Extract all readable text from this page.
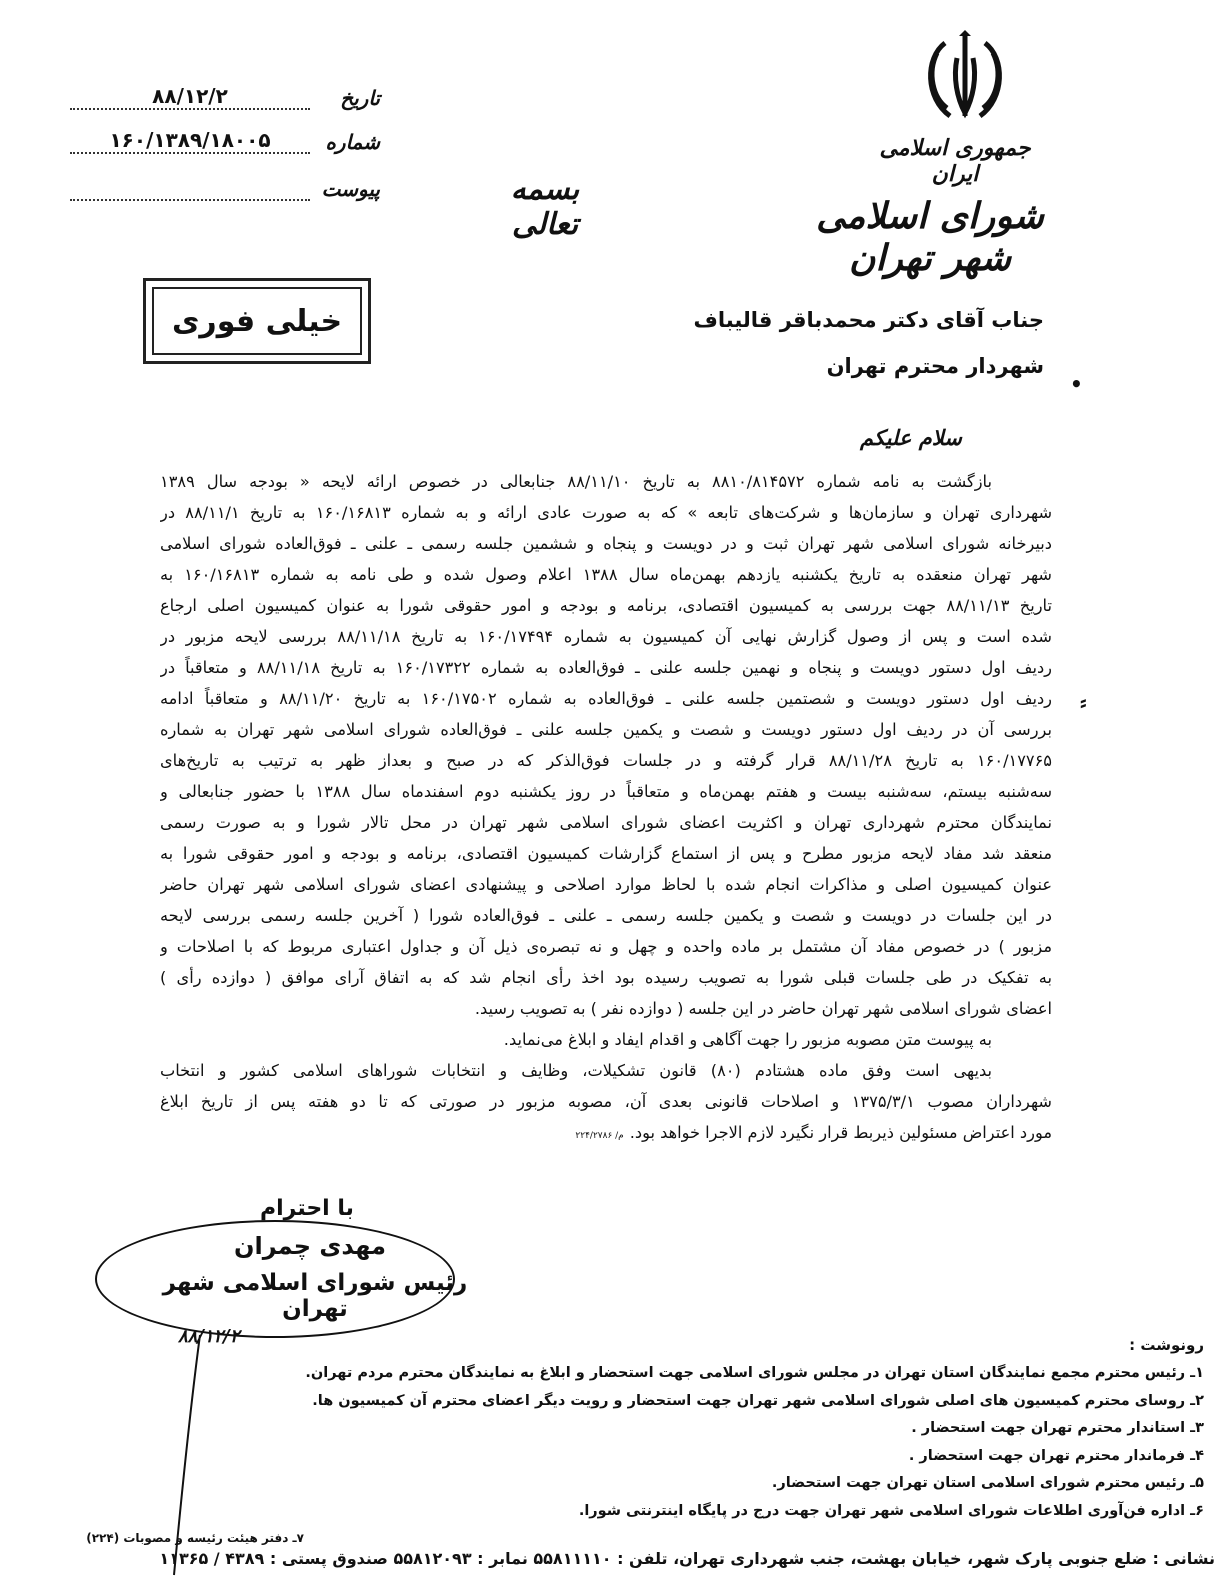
جمهوری اسلامی ایران
شورای اسلامی شهر تهران
بسمه تعالی
تاریخ
۸۸/۱۲/۲
شماره
۱۶۰/۱۳۸۹/۱۸۰۰۵
پیوست
خیلی فوری	جناب آقای دکتر محمدباقر قالیباف
شهردار محترم تهران
سلام علیکم
بازگشت به نامه شماره ۸۸۱۰/۸۱۴۵۷۲ به تاریخ ۸۸/۱۱/۱۰ جنابعالی در خصوص ارائه لایحه « بودجه سال ۱۳۸۹
شهرداری تهران و سازمان‌ها و شرکت‌های تابعه » که به صورت عادی ارائه و به شماره ۱۶۰/۱۶۸۱۳ به تاریخ ۸۸/۱۱/۱ در
دبیرخانه شورای اسلامی شهر تهران ثبت و در دویست و پنجاه و ششمین جلسه رسمی ـ علنی ـ فوق‌العاده شورای اسلامی
شهر تهران منعقده به تاریخ یکشنبه یازدهم بهمن‌ماه سال ۱۳۸۸ اعلام وصول شده و طی نامه به شماره ۱۶۰/۱۶۸۱۳ به
تاریخ ۸۸/۱۱/۱۳ جهت بررسی به کمیسیون اقتصادی، برنامه و بودجه و امور حقوقی شورا به عنوان کمیسیون اصلی ارجاع
شده است و پس از وصول گزارش نهایی آن کمیسیون به شماره ۱۶۰/۱۷۴۹۴ به تاریخ ۸۸/۱۱/۱۸ بررسی لایحه مزبور در
ردیف اول دستور دویست و پنجاه و نهمین جلسه علنی ـ فوق‌العاده به شماره ۱۶۰/۱۷۳۲۲ به تاریخ ۸۸/۱۱/۱۸ و متعاقباً در
ردیف اول دستور دویست و شصتمین جلسه علنی ـ فوق‌العاده به شماره ۱۶۰/۱۷۵۰۲ به تاریخ ۸۸/۱۱/۲۰ و متعاقباً ادامه
بررسی آن در ردیف اول دستور دویست و شصت و یکمین جلسه علنی ـ فوق‌العاده شورای اسلامی شهر تهران به شماره
۱۶۰/۱۷۷۶۵ به تاریخ ۸۸/۱۱/۲۸ قرار گرفته و در جلسات فوق‌الذکر که در صبح و بعداز ظهر به ترتیب به تاریخ‌های
سه‌شنبه بیستم، سه‌شنبه بیست و هفتم بهمن‌ماه و متعاقباً در روز یکشنبه دوم اسفندماه سال ۱۳۸۸ با حضور جنابعالی و
نمایندگان محترم شهرداری تهران و اکثریت اعضای شورای اسلامی شهر تهران در محل تالار شورا و به صورت رسمی
منعقد شد مفاد لایحه مزبور مطرح و پس از استماع گزارشات کمیسیون اقتصادی، برنامه و بودجه و امور حقوقی شورا به
عنوان کمیسیون اصلی و مذاکرات انجام شده با لحاظ موارد اصلاحی و پیشنهادی اعضای شورای اسلامی شهر تهران حاضر
در این جلسات در دویست و شصت و یکمین جلسه رسمی ـ علنی ـ فوق‌العاده شورا ( آخرین جلسه رسمی بررسی لایحه
مزبور ) در خصوص مفاد آن مشتمل بر ماده واحده و چهل و نه تبصره‌ی ذیل آن و جداول اعتباری مربوط که با اصلاحات و
به تفکیک در طی جلسات قبلی شورا به تصویب رسیده بود اخذ رأی انجام شد که به اتفاق آرای موافق ( دوازده رأی )
اعضای شورای اسلامی شهر تهران حاضر در این جلسه ( دوازده نفر ) به تصویب رسید.
به پیوست متن مصوبه مزبور را جهت آگاهی و اقدام ایفاد و ابلاغ می‌نماید.
بدیهی است وفق ماده هشتادم (۸۰) قانون تشکیلات، وظایف و انتخابات شوراهای اسلامی کشور و انتخاب
شهرداران مصوب ۱۳۷۵/۳/۱ و اصلاحات قانونی بعدی آن، مصوبه مزبور در صورتی که تا دو هفته پس از تاریخ ابلاغ
مورد اعتراض مسئولین ذیربط قرار نگیرد لازم الاجرا خواهد بود.م/ ۲۲۴/۲۷۸۶
با احترام
مهدی چمران
رئیس شورای اسلامی شهر تهران
۸۸/۱۲/۲	رونوشت :
۱ـ رئیس محترم مجمع نمایندگان استان تهران در مجلس شورای اسلامی جهت استحضار و ابلاغ به نمایندگان محترم مردم تهران.
۲ـ روسای محترم کمیسیون های اصلی شورای اسلامی شهر تهران جهت استحضار و رویت دیگر اعضای محترم آن کمیسیون ها.
۳ـ استاندار محترم تهران جهت استحضار .
۴ـ فرماندار محترم تهران جهت استحضار .
۵ـ رئیس محترم شورای اسلامی استان تهران جهت استحضار.
۶ـ اداره فن‌آوری اطلاعات شورای اسلامی شهر تهران جهت درج در پایگاه اینترنتی شورا.
۷ـ دفتر هیئت رئیسه و مصوبات (۲۲۴)
نشانی : ضلع جنوبی پارک شهر، خیابان بهشت، جنب شهرداری تهران، تلفن : ۵۵۸۱۱۱۱۰ نمابر : ۵۵۸۱۲۰۹۳ صندوق پستی : ۴۳۸۹ / ۱۱۳۶۵
•
⸗
